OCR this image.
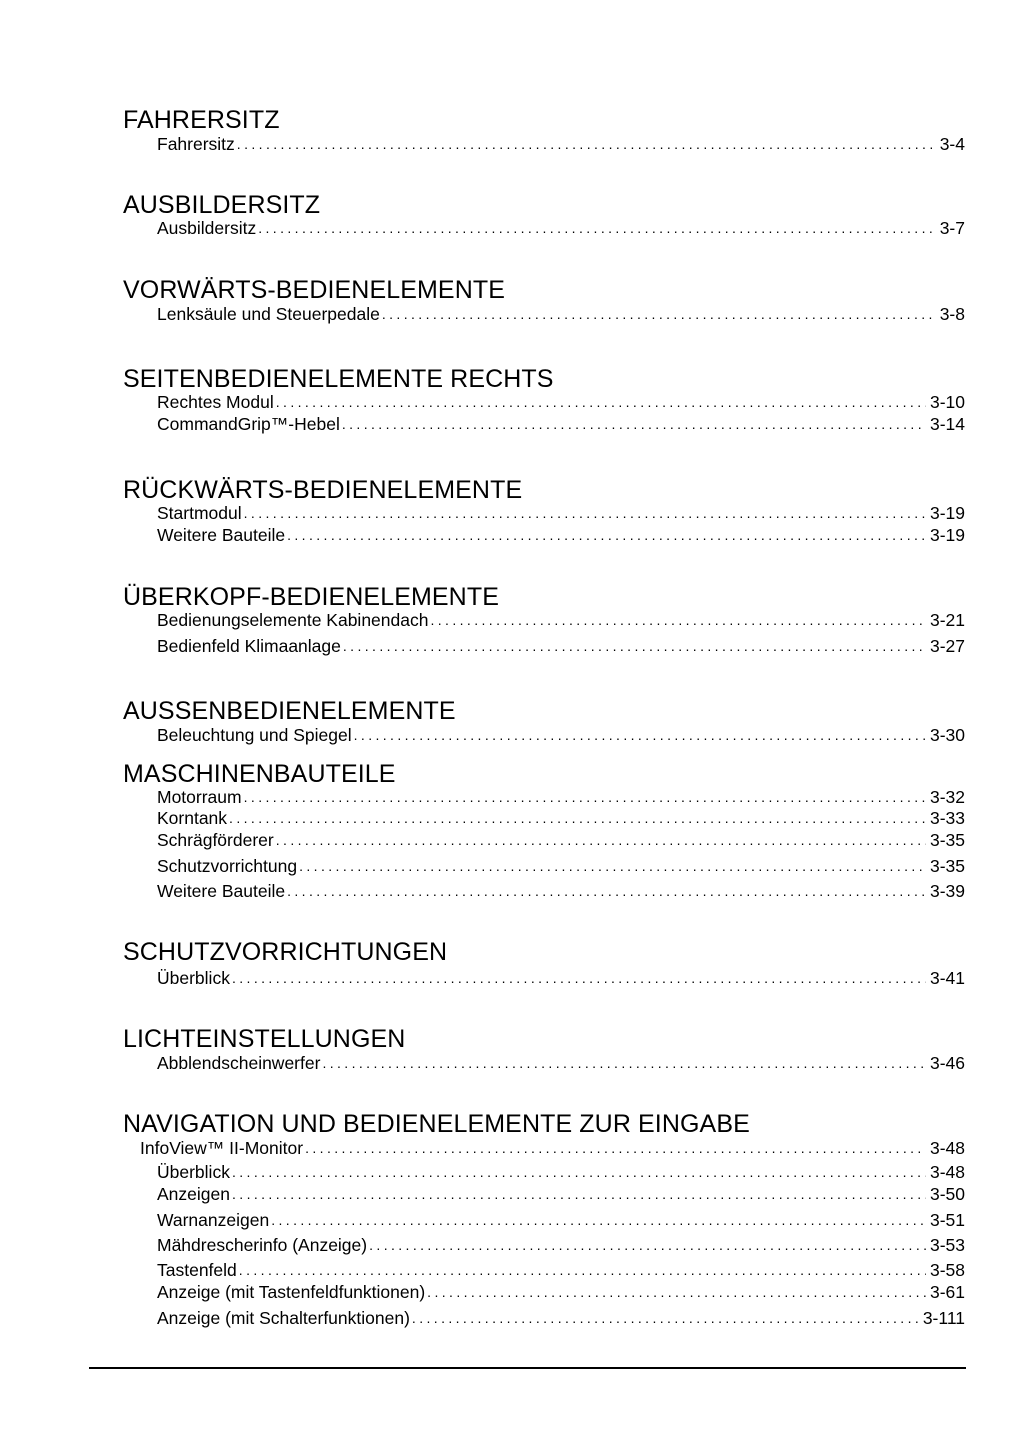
FAHRERSITZ
Fahrersitz .....	3-4
AUSBILDERSITZ
Ausbildersitz .....	3-7
VORWÄRTS-BEDIENELEMENTE
Lenksäule und Steuerpedale .....	3-8
SEITENBEDIENELEMENTE RECHTS
Rechtes Modul .....	3-10
CommandGrip™-Hebel .....	3-14
RÜCKWÄRTS-BEDIENELEMENTE
Startmodul .....	3-19
Weitere Bauteile .....	3-19
ÜBERKOPF-BEDIENELEMENTE
Bedienungselemente Kabinendach .....	3-21
Bedienfeld Klimaanlage .....	3-27
AUSSENBEDIENELEMENTE
Beleuchtung und Spiegel .....	3-30
MASCHINENBAUTEILE
Motorraum .....	3-32
Korntank .....	3-33
Schrägförderer .....	3-35
Schutzvorrichtung .....	3-35
Weitere Bauteile .....	3-39
SCHUTZVORRICHTUNGEN
Überblick .....	3-41
LICHTEINSTELLUNGEN
Abblendscheinwerfer .....	3-46
NAVIGATION UND BEDIENELEMENTE ZUR EINGABE
InfoView™ II-Monitor .....	3-48
Überblick .....	3-48
Anzeigen .....	3-50
Warnanzeigen .....	3-51
Mähdrescherinfo (Anzeige) .....	3-53
Tastenfeld .....	3-58
Anzeige (mit Tastenfeldfunktionen) .....	3-61
Anzeige (mit Schalterfunktionen) .....	3-111
